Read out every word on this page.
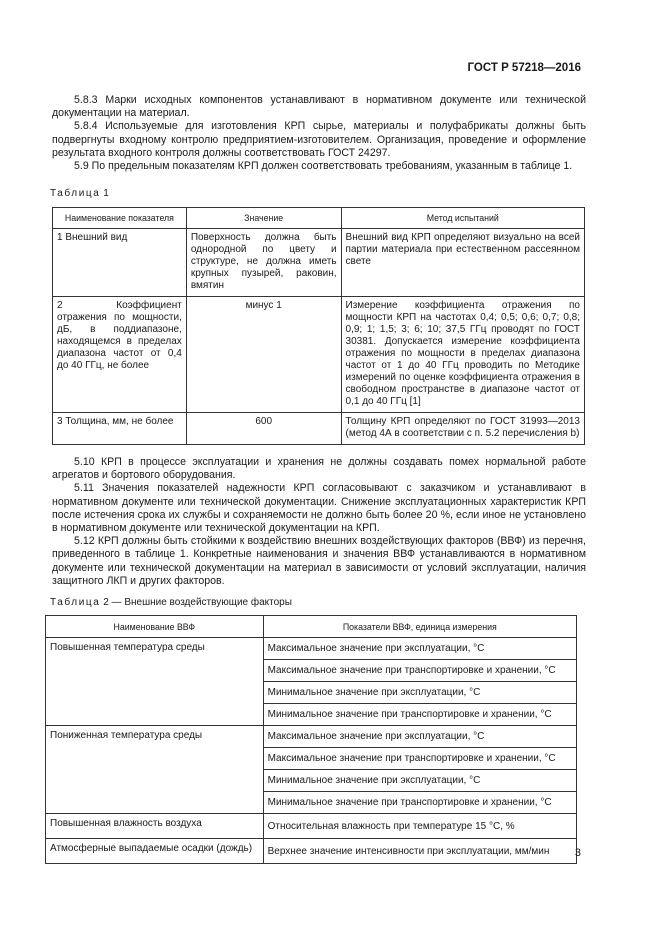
ГОСТ Р 57218—2016

5.8.3 Марки исходных компонентов устанавливают в нормативном документе или технической документации на материал.

5.8.4 Используемые для изготовления КРП сырье, материалы и полуфабрикаты должны быть подвергнуты входному контролю предприятием-изготовителем. Организация, проведение и оформление результата входного контроля должны соответствовать ГОСТ 24297.

5.9 По предельным показателям КРП должен соответствовать требованиям, указанным в таблице 1.

Таблица 1
Наименование показателя	Значение	Метод испытаний
1 Внешний вид	Поверхность должна быть однородной по цвету и структуре, не должна иметь крупных пузырей, раковин, вмятин	Внешний вид КРП определяют визуально на всей партии материала при естественном рассеянном свете
2 Коэффициент отражения по мощности, дБ, в поддиапазоне, находящемся в пределах диапазона частот от 0,4 до 40 ГГц, не более	минус 1	Измерение коэффициента отражения по мощности КРП на частотах 0,4; 0,5; 0,6; 0,7; 0,8; 0,9; 1; 1,5; 3; 6; 10; 37,5 ГГц проводят по ГОСТ 30381. Допускается измерение коэффициента отражения по мощности в пределах диапазона частот от 1 до 40 ГГц проводить по Методике измерений по оценке коэффициента отражения в свободном пространстве в диапазоне частот от 0,1 до 40 ГГц [1]
3 Толщина, мм, не более	600	Толщину КРП определяют по ГОСТ 31993—2013 (метод 4А в соответствии с п. 5.2 перечисления b)

5.10 КРП в процессе эксплуатации и хранения не должны создавать помех нормальной работе агрегатов и бортового оборудования.

5.11 Значения показателей надежности КРП согласовывают с заказчиком и устанавливают в нормативном документе или технической документации. Снижение эксплуатационных характеристик КРП после истечения срока их службы и сохраняемости не должно быть более 20 %, если иное не установлено в нормативном документе или технической документации на КРП.

5.12 КРП должны быть стойкими к воздействию внешних воздействующих факторов (ВВФ) из перечня, приведенного в таблице 1. Конкретные наименования и значения ВВФ устанавливаются в нормативном документе или технической документации на материал в зависимости от условий эксплуатации, наличия защитного ЛКП и других факторов.

Таблица 2 — Внешние воздействующие факторы
Наименование ВВФ	Показатели ВВФ, единица измерения
Повышенная температура среды	Максимальное значение при эксплуатации, °С
	Максимальное значение при транспортировке и хранении, °С
	Минимальное значение при эксплуатации, °С
	Минимальное значение при транспортировке и хранении, °С
Пониженная температура среды	Максимальное значение при эксплуатации, °С
	Максимальное значение при транспортировке и хранении, °С
	Минимальное значение при эксплуатации, °С
	Минимальное значение при транспортировке и хранении, °С
Повышенная влажность воздуха	Относительная влажность при температуре 15 °С, %
Атмосферные выпадаемые осадки (дождь)	Верхнее значение интенсивности при эксплуатации, мм/мин 3
